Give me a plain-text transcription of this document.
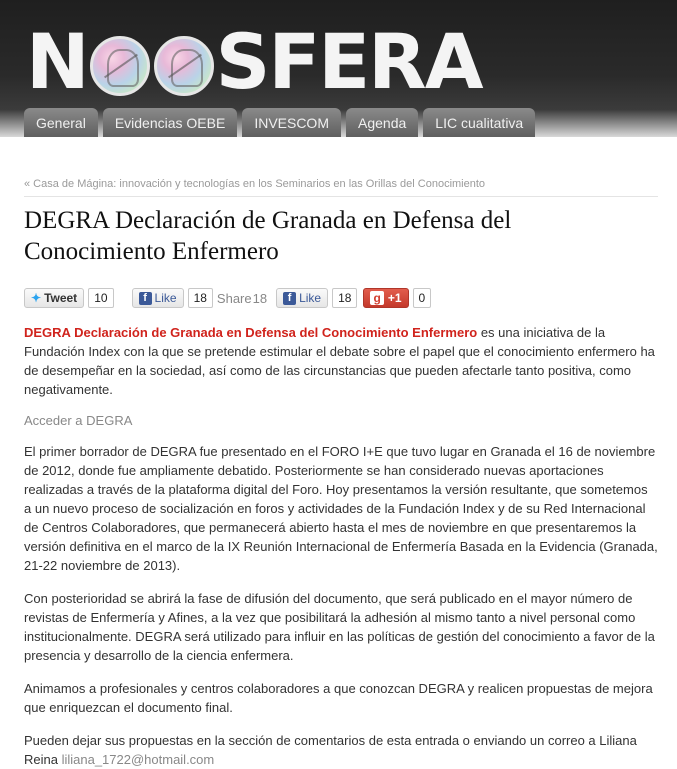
N SFERA
General	Evidencias OEBE	INVESCOM	Agenda	LIC cualitativa
« Casa de Mágina: innovación y tecnologías en los Seminarios en las Orillas del Conocimiento
DEGRA Declaración de Granada en Defensa del
Conocimiento Enfermero
✦ Tweet	10	f Like	18 Share 18	f Like	18	g +1	0

DEGRA Declaración de Granada en Defensa del Conocimiento Enfermero es una iniciativa de la Fundación Index con la que se pretende estimular el debate sobre el papel que el conocimiento enfermero ha de desempeñar en la sociedad, así como de las circunstancias que pueden afectarle tanto positiva, como negativamente.

Acceder a DEGRA

El primer borrador de DEGRA fue presentado en el FORO I+E que tuvo lugar en Granada el 16 de noviembre de 2012, donde fue ampliamente debatido. Posteriormente se han considerado nuevas aportaciones realizadas a través de la plataforma digital del Foro. Hoy presentamos la versión resultante, que sometemos a un nuevo proceso de socialización en foros y actividades de la Fundación Index y de su Red Internacional de Centros Colaboradores, que permanecerá abierto hasta el mes de noviembre en que presentaremos la versión definitiva en el marco de la IX Reunión Internacional de Enfermería Basada en la Evidencia (Granada, 21-22 noviembre de 2013).

Con posterioridad se abrirá la fase de difusión del documento, que será publicado en el mayor número de revistas de Enfermería y Afines, a la vez que posibilitará la adhesión al mismo tanto a nivel personal como institucionalmente. DEGRA será utilizado para influir en las políticas de gestión del conocimiento a favor de la presencia y desarrollo de la ciencia enfermera.

Animamos a profesionales y centros colaboradores a que conozcan DEGRA y realicen propuestas de mejora que enriquezcan el documento final.

Pueden dejar sus propuestas en la sección de comentarios de esta entrada o enviando un correo a Liliana Reina liliana_1722@hotmail.com
